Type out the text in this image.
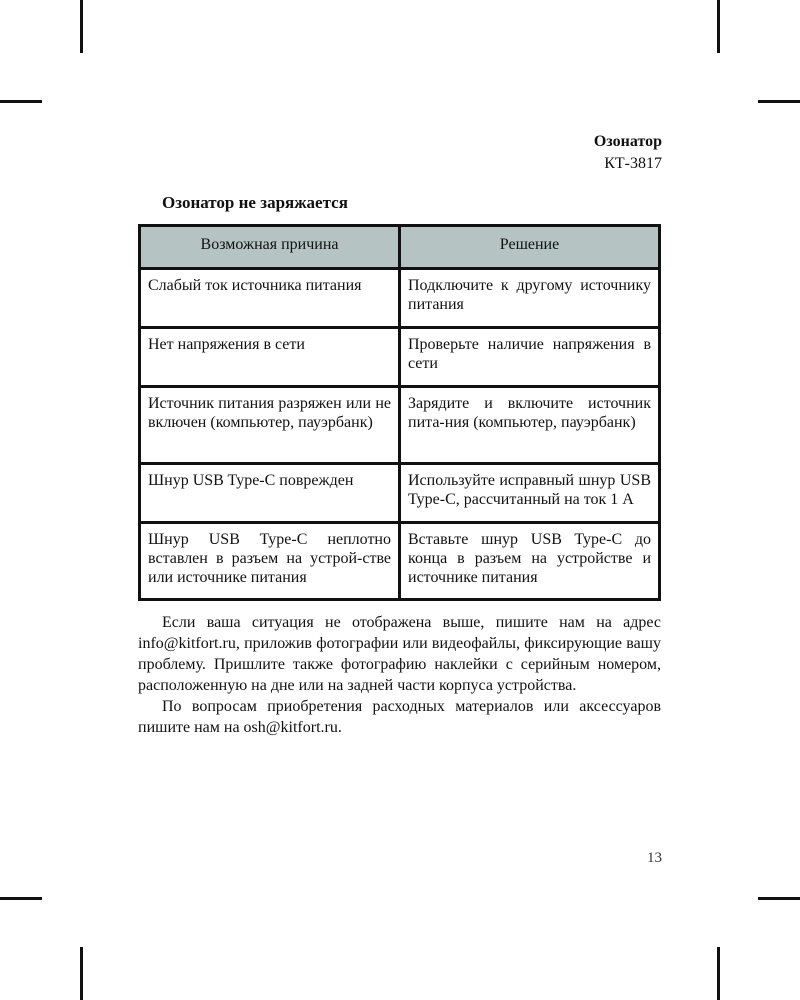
Озонатор
КТ-3817
Озонатор не заряжается
Возможная причина	Решение
Слабый ток источника питания	Подключите к другому источнику питания
Нет напряжения в сети	Проверьте наличие напряжения в сети
Источник питания разряжен или не включен (компьютер, пауэрбанк)	Зарядите и включите источник пита-ния (компьютер, пауэрбанк)
Шнур USB Type-C поврежден	Используйте исправный шнур USB Type-C, рассчитанный на ток 1 А
Шнур USB Type-C неплотно вставлен в разъем на устрой-стве или источнике питания	Вставьте шнур USB Type-C до конца в разъем на устройстве и источнике питания

Если ваша ситуация не отображена выше, пишите нам на адрес info@kitfort.ru, приложив фотографии или видеофайлы, фиксирующие вашу проблему. Пришлите также фотографию наклейки с серийным номером, расположенную на дне или на задней части корпуса устройства.

По вопросам приобретения расходных материалов или аксессуаров пишите нам на osh@kitfort.ru.

13
